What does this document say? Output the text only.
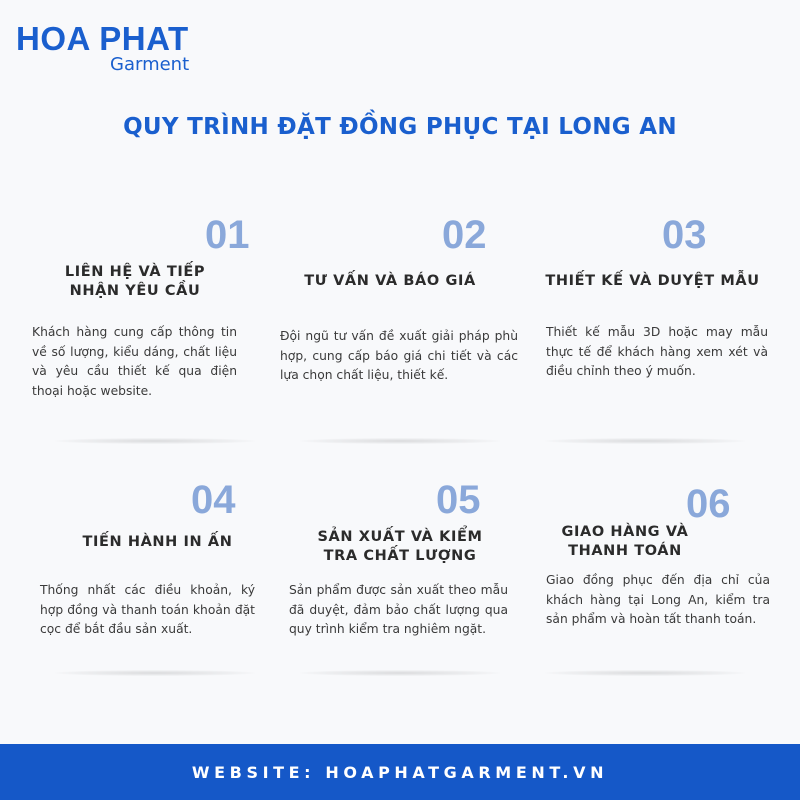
HOA PHAT
Garment
QUY TRÌNH ĐẶT ĐỒNG PHỤC TẠI LONG AN
01
LIÊN HỆ VÀ TIẾP NHẬN YÊU CẦU
Khách hàng cung cấp thông tin về số lượng, kiểu dáng, chất liệu và yêu cầu thiết kế qua điện thoại hoặc website.
02
TƯ VẤN VÀ BÁO GIÁ
Đội ngũ tư vấn đề xuất giải pháp phù hợp, cung cấp báo giá chi tiết và các lựa chọn chất liệu, thiết kế.
03
THIẾT KẾ VÀ DUYỆT MẪU
Thiết kế mẫu 3D hoặc may mẫu thực tế để khách hàng xem xét và điều chỉnh theo ý muốn.
04
TIẾN HÀNH IN ẤN
Thống nhất các điều khoản, ký hợp đồng và thanh toán khoản đặt cọc để bắt đầu sản xuất.
05
SẢN XUẤT VÀ KIỂM TRA CHẤT LƯỢNG
Sản phẩm được sản xuất theo mẫu đã duyệt, đảm bảo chất lượng qua quy trình kiểm tra nghiêm ngặt.
06
GIAO HÀNG VÀ THANH TOÁN
Giao đồng phục đến địa chỉ của khách hàng tại Long An, kiểm tra sản phẩm và hoàn tất thanh toán.
WEBSITE: HOAPHATGARMENT.VN
